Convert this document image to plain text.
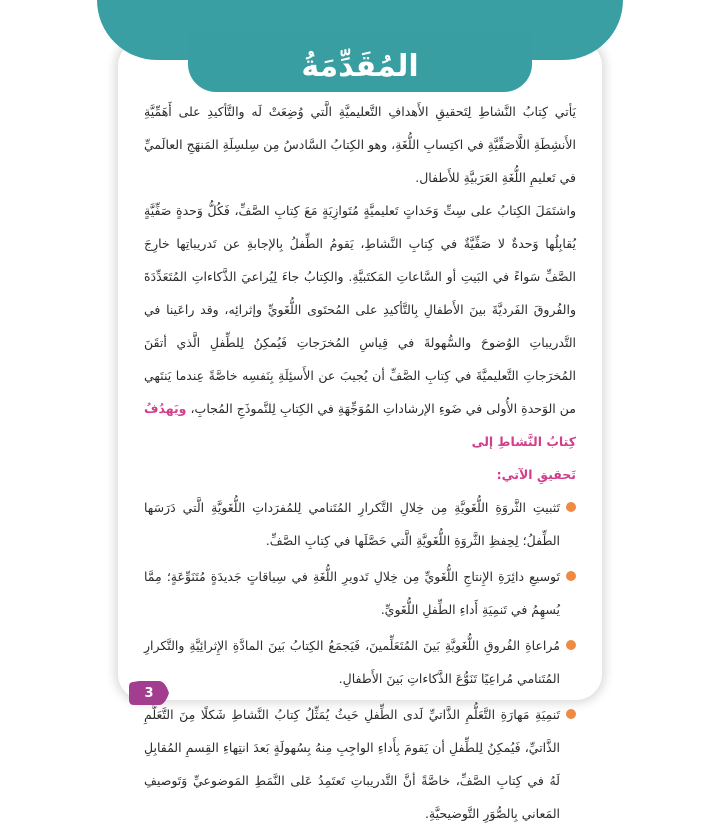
المُقَدِّمَةُ

يَأتي كِتابُ النَّشاطِ لِتَحقيقِ الأَهدافِ التَّعليميَّةِ الَّتي وُضِعَتْ لَه والتَّأكيدِ على أَهَمِّيَّةِ الأَنشِطَةِ اللَّاصَفِّيَّةِ في اكتِسابِ اللُّغَةِ، وهو الكِتابُ السَّادسُ مِن سِلسِلَةِ المَنهَجِ العالَميِّ في تَعليمِ اللُّغَةِ العَرَبيَّةِ للأَطفال.

واشتَمَلَ الكِتابُ على سِتِّ وَحَداتٍ تَعليميَّةٍ مُتَوازِيَةٍ مَعَ كِتابِ الصَّفِّ، فَكُلُّ وَحدةٍ صَفِّيَّةٍ يُقابِلُها وَحدةٌ لا صَفِّيَّةٌ في كِتابِ النَّشاطِ، يَقومُ الطِّفلُ بِالإجابةِ عن تَدريباتِها خارِجَ الصَّفِّ سَواءً في البَيتِ أو السَّاعاتِ المَكتَبيَّةِ. والكِتابُ جاءَ لِيُراعيَ الذَّكاءاتِ المُتَعَدِّدَةَ والفُروقَ الفَرديَّةَ بينَ الأَطفالِ بِالتَّأكيدِ على المُحتَوى اللُّغَويِّ وإثرائِه، وقد راعَينا في التَّدريباتِ الوُضوحَ والسُّهولةَ في قِياسِ المُخرَجاتِ فَيُمكِنُ لِلطِّفلِ الَّذي أتقَنَ المُخرَجاتِ التَّعليميَّةَ في كِتابِ الصَّفِّ أن يُجيبَ عن الأَسئِلَةِ بِنَفسِه خاصَّةً عِندما يَنتَهي من الوَحدةِ الأُولى في ضَوءِ الإرشاداتِ المُوَجِّهَةِ في الكِتابِ لِلنَّموذَجِ المُجابِ، ويَهدُفُ كِتابُ النَّشاطِ إلى

تَحقيقِ الآتي:

تَثبيتِ الثَّروَةِ اللُّغَويَّةِ مِن خِلالِ التَّكرارِ المُتَنامي لِلمُفرَداتِ اللُّغَويَّةِ الَّتي دَرَسَها الطِّفلُ؛ لِحِفظِ الثَّروَةِ اللُّغَويَّةِ الَّتي حَصَّلَها في كِتابِ الصَّفِّ.
تَوسيعِ دائِرَةِ الإِنتاجِ اللُّغَويِّ مِن خِلالِ تَدويرِ اللُّغَةِ في سِياقاتٍ جَديدَةٍ مُتَنَوِّعَةٍ؛ مِمَّا يُسهِمُ في تَنمِيَةِ أَداءِ الطِّفلِ اللُّغَويِّ.
مُراعاةِ الفُروقِ اللُّغَويَّةِ بَينَ المُتَعَلِّمينَ، فَيَجمَعُ الكِتابُ بَينَ المادَّةِ الإِثرائِيَّةِ والتَّكرارِ المُتَنامي مُراعِيًا تَنَوُّعَ الذَّكاءاتِ بَينَ الأَطفالِ.
تَنمِيَةِ مَهارَةِ التَّعَلُّمِ الذَّاتيِّ لَدى الطِّفلِ حَيثُ يُمَثِّلُ كِتابُ النَّشاطِ شَكلًا مِنَ التَّعَلُّمِ الذَّاتيِّ، فَيُمكِنُ لِلطِّفلِ أن يَقومَ بِأَداءِ الواجِبِ مِنهُ بِسُهولَةٍ بَعدَ انتِهاءِ القِسمِ المُقابِلِ لَهُ في كِتابِ الصَّفِّ، خاصَّةً أنَّ التَّدريباتِ تَعتَمِدُ عَلى النَّمَطِ المَوضوعيِّ وَتَوصيفِ المَعاني بِالصُّوَرِ التَّوضيحيَّةِ.
3
